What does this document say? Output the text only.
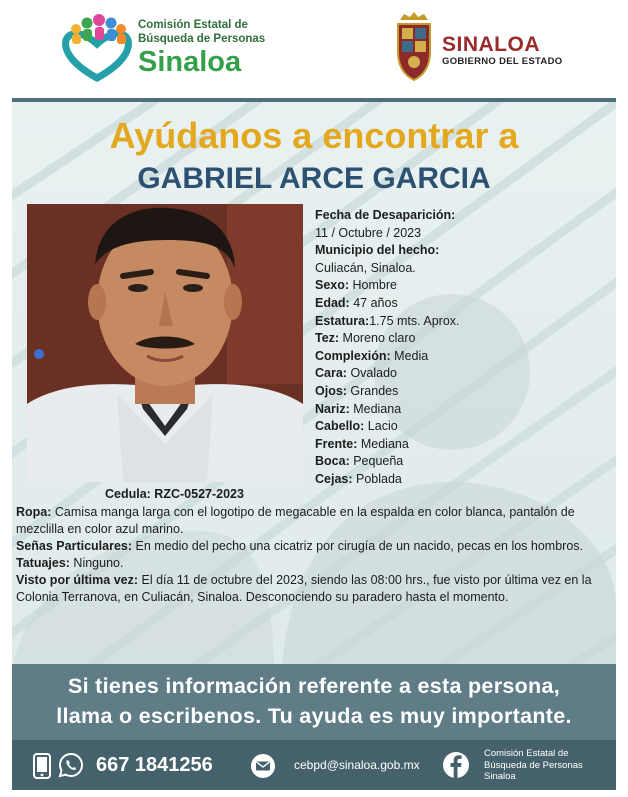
Comisión Estatal de
Búsqueda de Personas
Sinaloa
SINALOA
GOBIERNO DEL ESTADO
Ayúdanos a encontrar a
GABRIEL ARCE GARCIA
Fecha de Desaparición:
11 / Octubre / 2023
Municipio del hecho:
Culiacán, Sinaloa.
Sexo: Hombre
Edad: 47 años
Estatura:1.75 mts. Aprox.
Tez: Moreno claro
Complexión: Media
Cara: Ovalado
Ojos: Grandes
Nariz: Mediana
Cabello: Lacio
Frente: Mediana
Boca: Pequeña
Cejas: Poblada
Cedula: RZC-0527-2023

Ropa: Camisa manga larga con el logotipo de megacable en la espalda en color blanca, pantalón de mezclilla en color azul marino.

Señas Particulares: En medio del pecho una cicatriz por cirugía de un nacido, pecas en los hombros.

Tatuajes: Ninguno.

Visto por última vez: El día 11 de octubre del 2023, siendo las 08:00 hrs., fue visto por última vez en la Colonia Terranova, en Culiacán, Sinaloa. Desconociendo su paradero hasta el momento.

Si tienes información referente a esta persona,
llama o escribenos. Tu ayuda es muy importante.
667 1841256	cebpd@sinaloa.gob.mx
Comisión Estatal de
Búsqueda de Personas
Sinaloa
